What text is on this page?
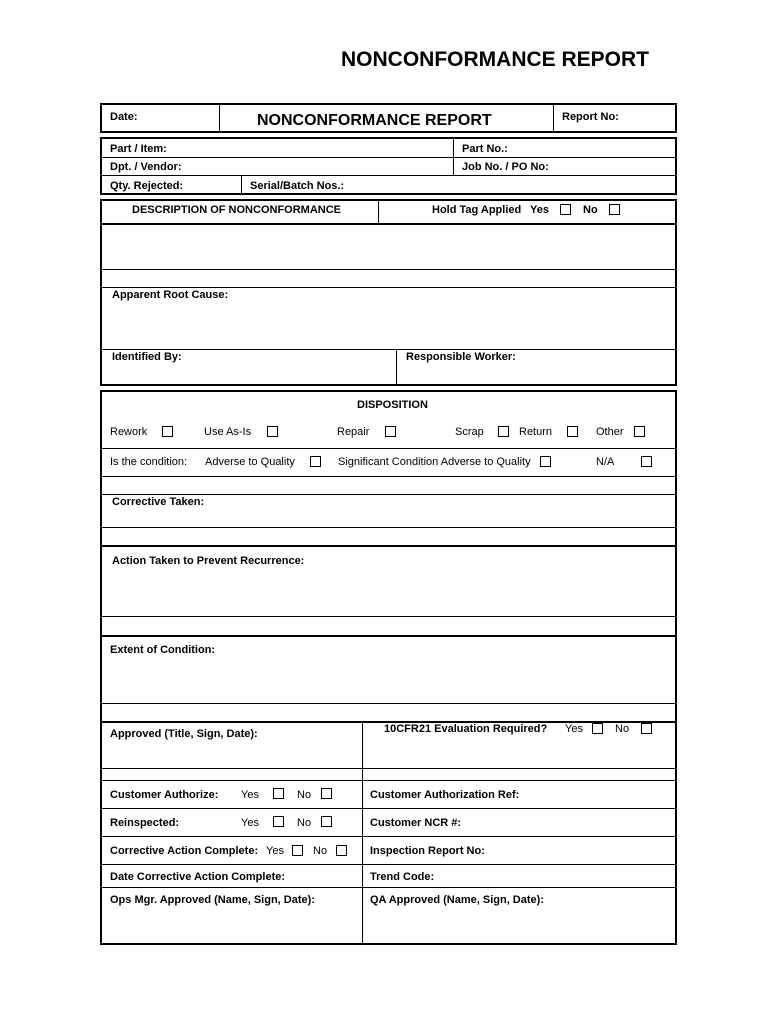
NONCONFORMANCE REPORT
Date:	NONCONFORMANCE REPORT	Report No:
Part / Item:	Part No.:
Dpt. / Vendor:	Job No. / PO No:
Qty. Rejected:	Serial/Batch Nos.:
DESCRIPTION OF NONCONFORMANCE	Hold Tag Applied Yes	No
Apparent Root Cause:
Identified By:	Responsible Worker:
DISPOSITION
Rework	Use As-Is	Repair	Scrap	Return	Other
Is the condition: Adverse to Quality	Significant Condition Adverse to Quality	N/A
Corrective Taken:
Action Taken to Prevent Recurrence:
Extent of Condition:
Approved (Title, Sign, Date):	10CFR21 Evaluation Required? Yes	No
Customer Authorize: Yes	No	Customer Authorization Ref:
Reinspected:	Yes	No	Customer NCR #:
Corrective Action Complete: Yes	No	Inspection Report No:
Date Corrective Action Complete:	Trend Code:
Ops Mgr. Approved (Name, Sign, Date):	QA Approved (Name, Sign, Date):
